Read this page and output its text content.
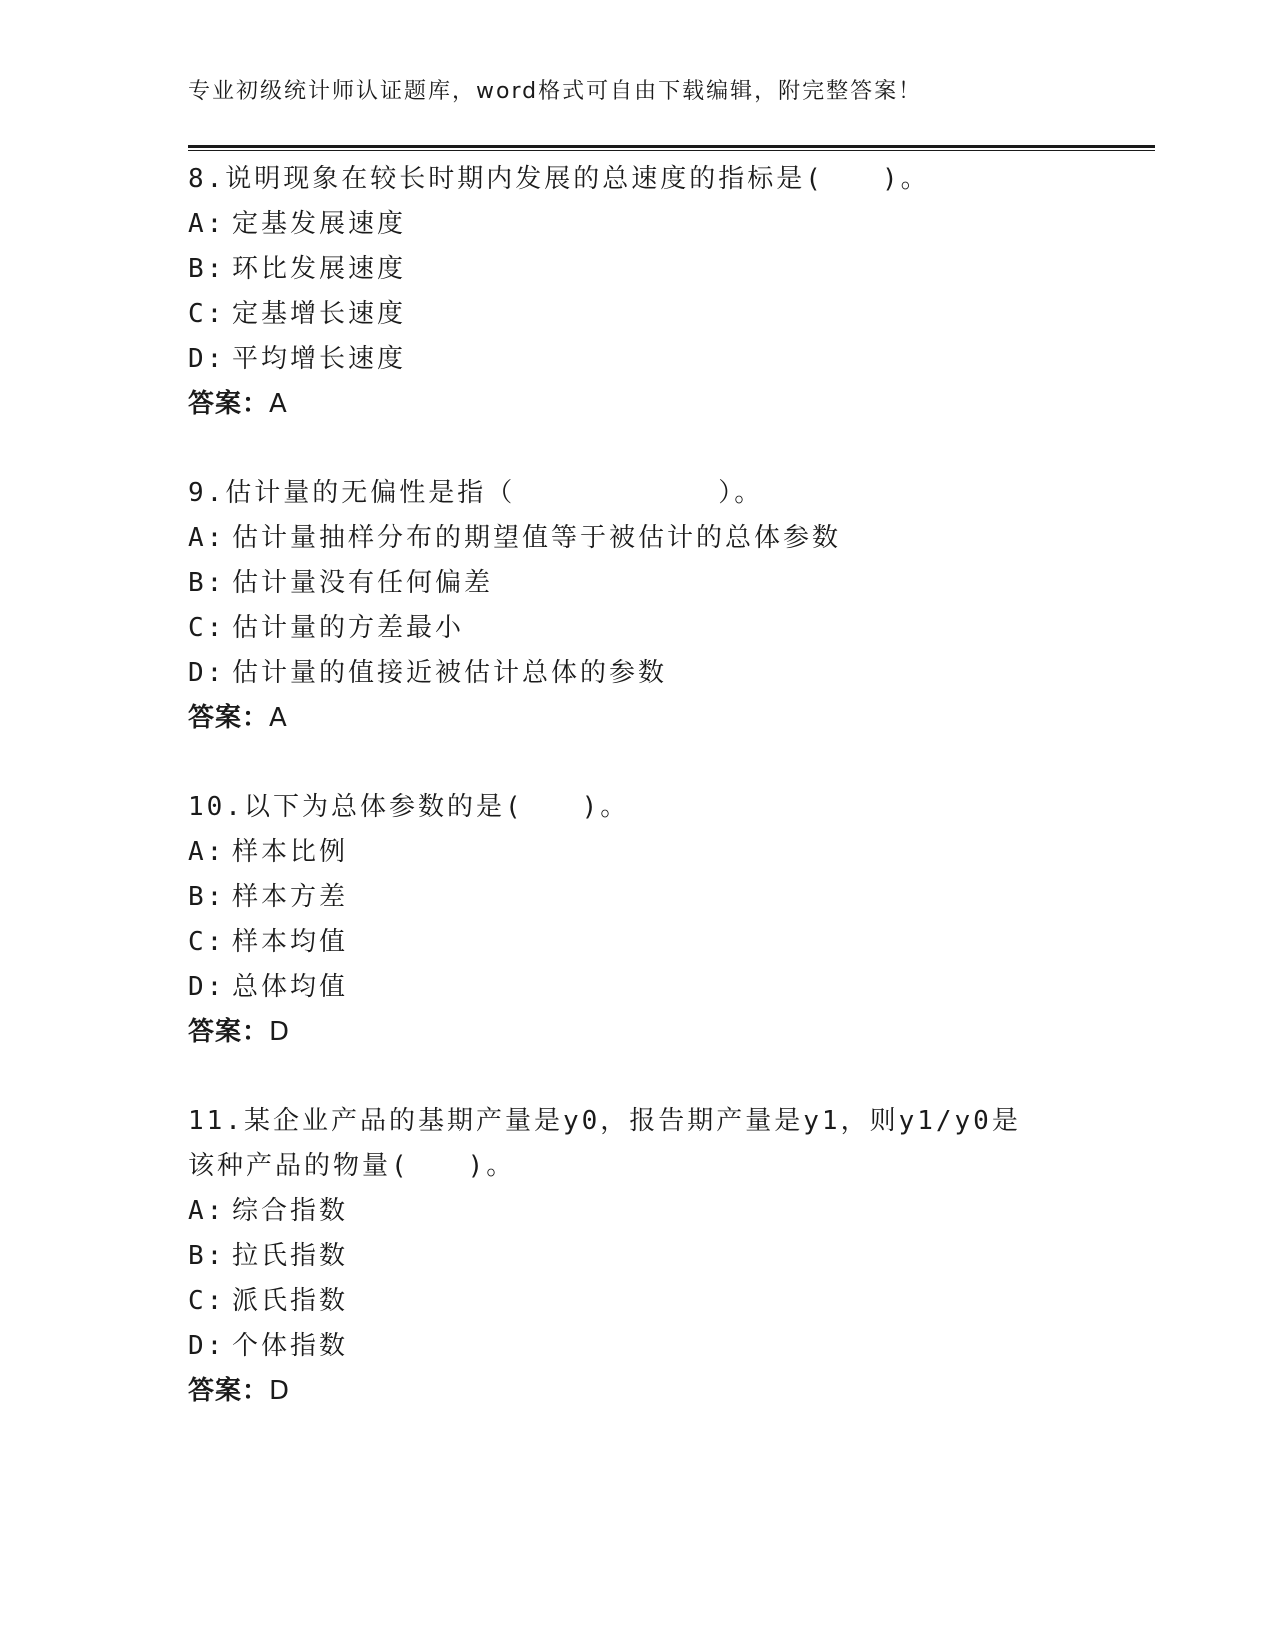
专业初级统计师认证题库，word格式可自由下载编辑，附完整答案！
8.说明现象在较长时期内发展的总速度的指标是(　　)。
A: 定基发展速度
B: 环比发展速度
C: 定基增长速度
D: 平均增长速度
答案：A
9.估计量的无偏性是指（　　　　　　　）。
A: 估计量抽样分布的期望值等于被估计的总体参数
B: 估计量没有任何偏差
C: 估计量的方差最小
D: 估计量的值接近被估计总体的参数
答案：A
10.以下为总体参数的是(　　)。
A: 样本比例
B: 样本方差
C: 样本均值
D: 总体均值
答案：D
11.某企业产品的基期产量是y0，报告期产量是y1，则y1/y0是该种产品的物量(　　)。
A: 综合指数
B: 拉氏指数
C: 派氏指数
D: 个体指数
答案：D
